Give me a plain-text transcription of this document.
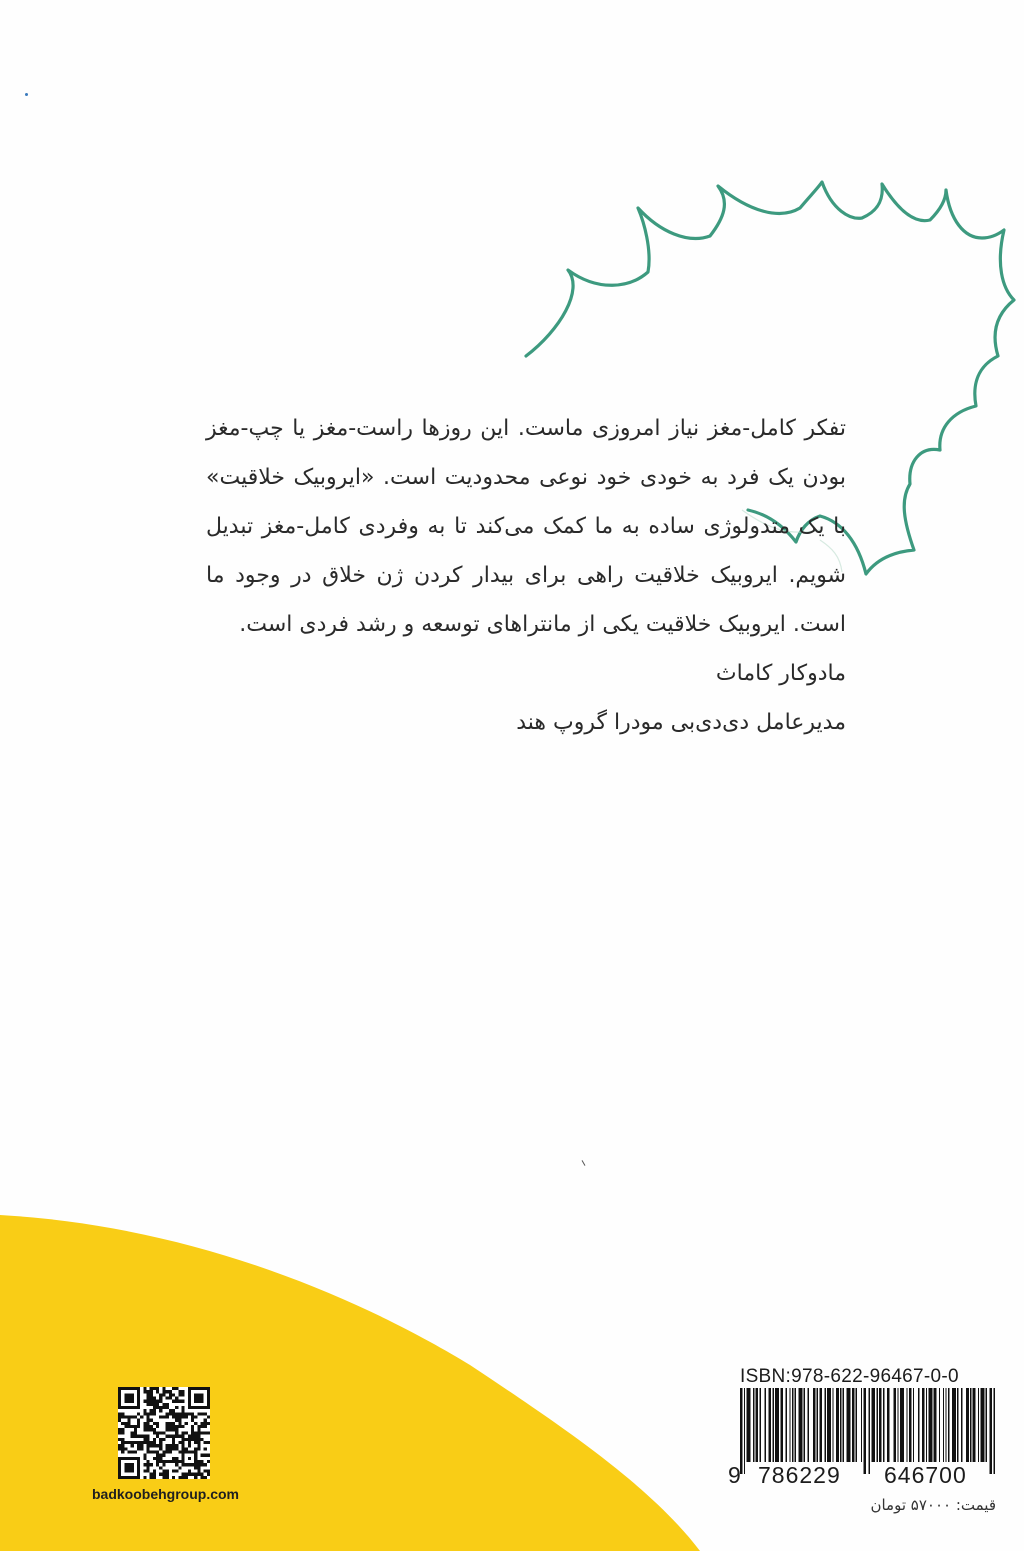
تفکر کامل-مغز نیاز امروزی ماست. این روزها راست-مغز یا چپ-مغز بودن یک فرد به خودی خود نوعی محدودیت است. «ایروبیک خلاقیت» با یک متدولوژی ساده به ما کمک می‌کند تا به وفردی کامل-مغز تبدیل شویم. ایروبیک خلاقیت راهی برای بیدار کردن ژن خلاق در وجود ما است. ایروبیک خلاقیت یکی از مانتراهای توسعه و رشد فردی است.

مادوکار کاماث

مدیرعامل دی‌دی‌بی مودرا گروپ هند

badkoobehgroup.com
ISBN:978-622-96467-0-0
9 786229 646700
قیمت: ۵۷۰۰۰ تومان
